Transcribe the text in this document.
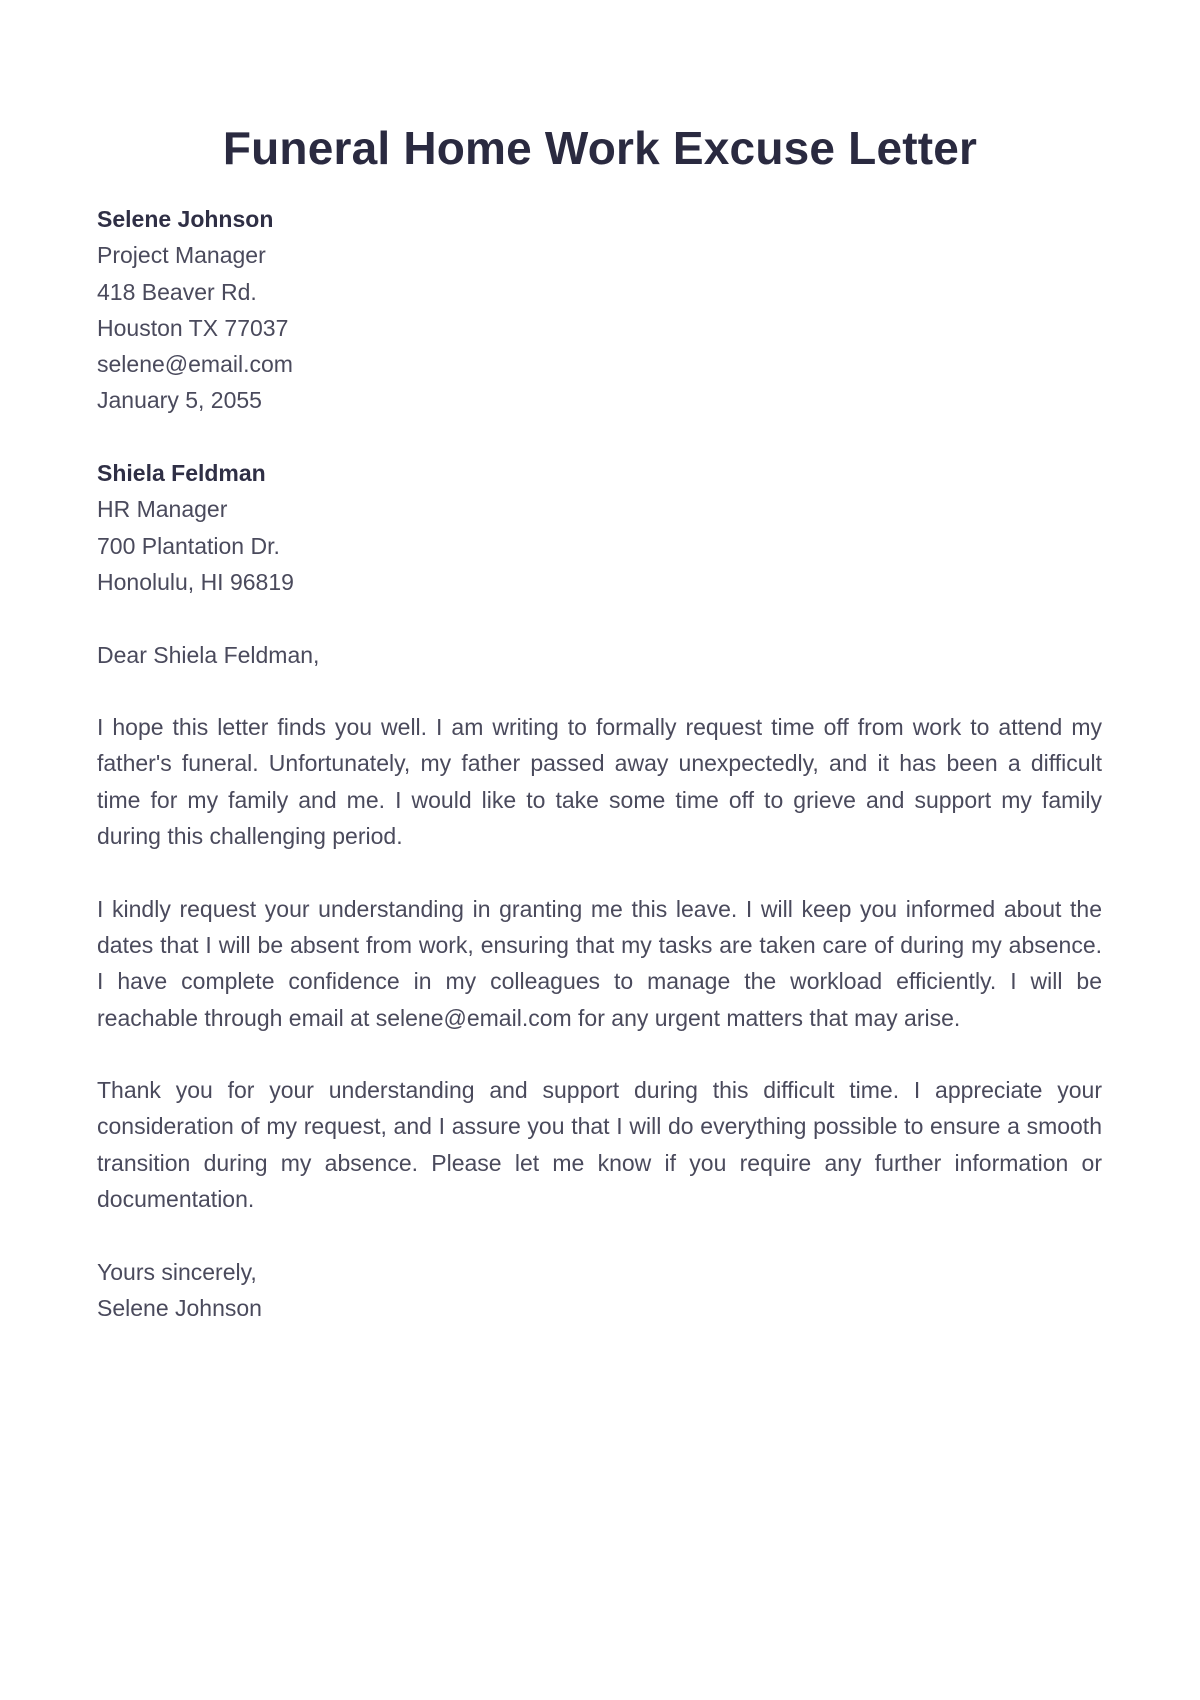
Funeral Home Work Excuse Letter
Selene Johnson
Project Manager
418 Beaver Rd.
Houston TX 77037
selene@email.com
January 5, 2055
Shiela Feldman
HR Manager
700 Plantation Dr.
Honolulu, HI 96819

Dear Shiela Feldman,

I hope this letter finds you well. I am writing to formally request time off from work to attend my father's funeral. Unfortunately, my father passed away unexpectedly, and it has been a difficult time for my family and me. I would like to take some time off to grieve and support my family during this challenging period.

I kindly request your understanding in granting me this leave. I will keep you informed about the dates that I will be absent from work, ensuring that my tasks are taken care of during my absence. I have complete confidence in my colleagues to manage the workload efficiently. I will be reachable through email at selene@email.com for any urgent matters that may arise.

Thank you for your understanding and support during this difficult time. I appreciate your consideration of my request, and I assure you that I will do everything possible to ensure a smooth transition during my absence. Please let me know if you require any further information or documentation.

Yours sincerely,
Selene Johnson
